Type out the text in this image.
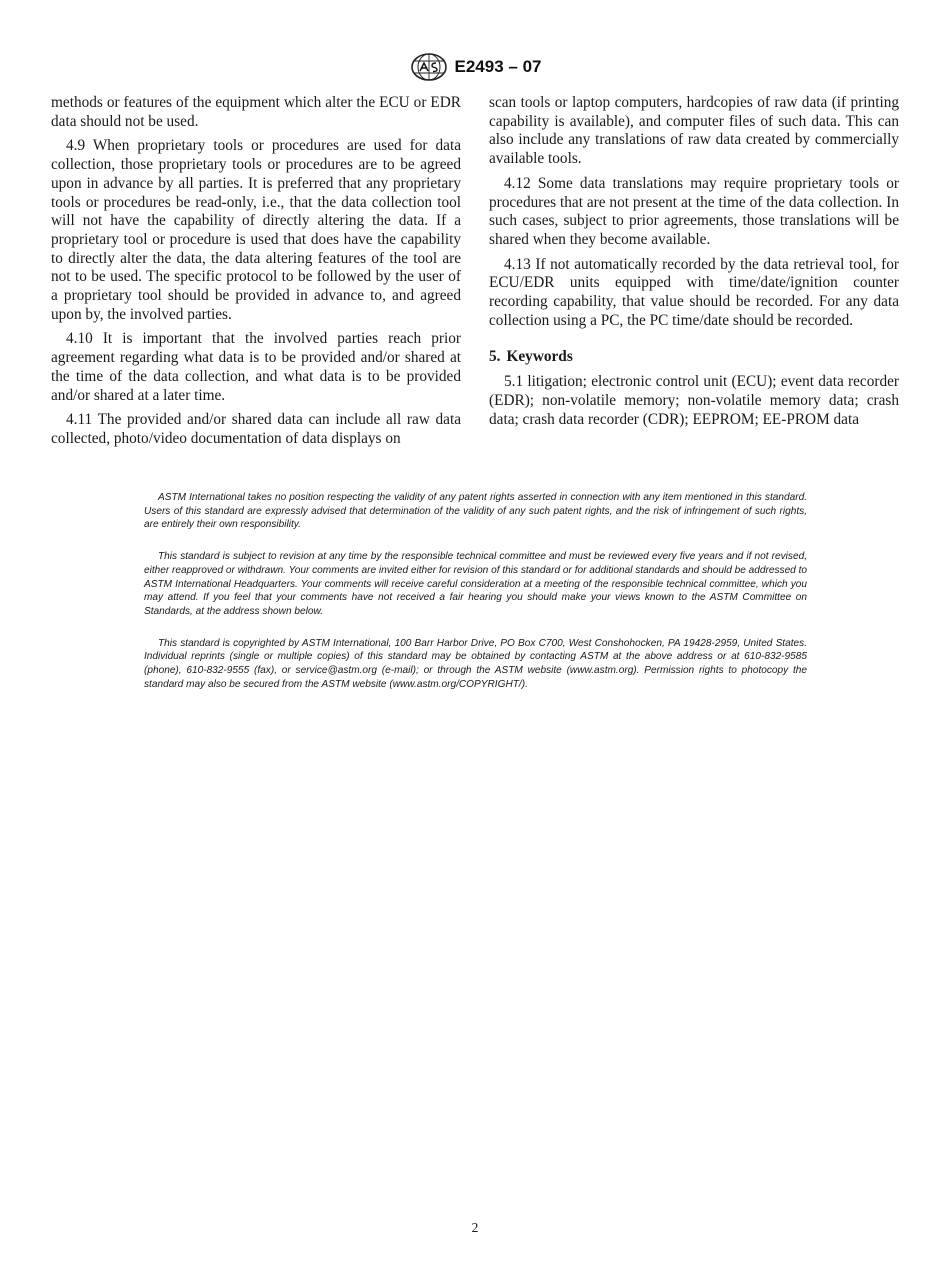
E2493 – 07

methods or features of the equipment which alter the ECU or EDR data should not be used.

4.9 When proprietary tools or procedures are used for data collection, those proprietary tools or procedures are to be agreed upon in advance by all parties. It is preferred that any proprietary tools or procedures be read-only, i.e., that the data collection tool will not have the capability of directly altering the data. If a proprietary tool or procedure is used that does have the capability to directly alter the data, the data altering features of the tool are not to be used. The specific protocol to be followed by the user of a proprietary tool should be provided in advance to, and agreed upon by, the involved parties.

4.10 It is important that the involved parties reach prior agreement regarding what data is to be provided and/or shared at the time of the data collection, and what data is to be provided and/or shared at a later time.

4.11 The provided and/or shared data can include all raw data collected, photo/video documentation of data displays on

scan tools or laptop computers, hardcopies of raw data (if printing capability is available), and computer files of such data. This can also include any translations of raw data created by commercially available tools.

4.12 Some data translations may require proprietary tools or procedures that are not present at the time of the data collection. In such cases, subject to prior agreements, those translations will be shared when they become available.

4.13 If not automatically recorded by the data retrieval tool, for ECU/EDR units equipped with time/date/ignition counter recording capability, that value should be recorded. For any data collection using a PC, the PC time/date should be recorded.

5. Keywords

5.1 litigation; electronic control unit (ECU); event data recorder (EDR); non-volatile memory; non-volatile memory data; crash data; crash data recorder (CDR); EEPROM; EE-PROM data

ASTM International takes no position respecting the validity of any patent rights asserted in connection with any item mentioned in this standard. Users of this standard are expressly advised that determination of the validity of any such patent rights, and the risk of infringement of such rights, are entirely their own responsibility.

This standard is subject to revision at any time by the responsible technical committee and must be reviewed every five years and if not revised, either reapproved or withdrawn. Your comments are invited either for revision of this standard or for additional standards and should be addressed to ASTM International Headquarters. Your comments will receive careful consideration at a meeting of the responsible technical committee, which you may attend. If you feel that your comments have not received a fair hearing you should make your views known to the ASTM Committee on Standards, at the address shown below.

This standard is copyrighted by ASTM International, 100 Barr Harbor Drive, PO Box C700, West Conshohocken, PA 19428-2959, United States. Individual reprints (single or multiple copies) of this standard may be obtained by contacting ASTM at the above address or at 610-832-9585 (phone), 610-832-9555 (fax), or service@astm.org (e-mail); or through the ASTM website (www.astm.org). Permission rights to photocopy the standard may also be secured from the ASTM website (www.astm.org/COPYRIGHT/).

2
